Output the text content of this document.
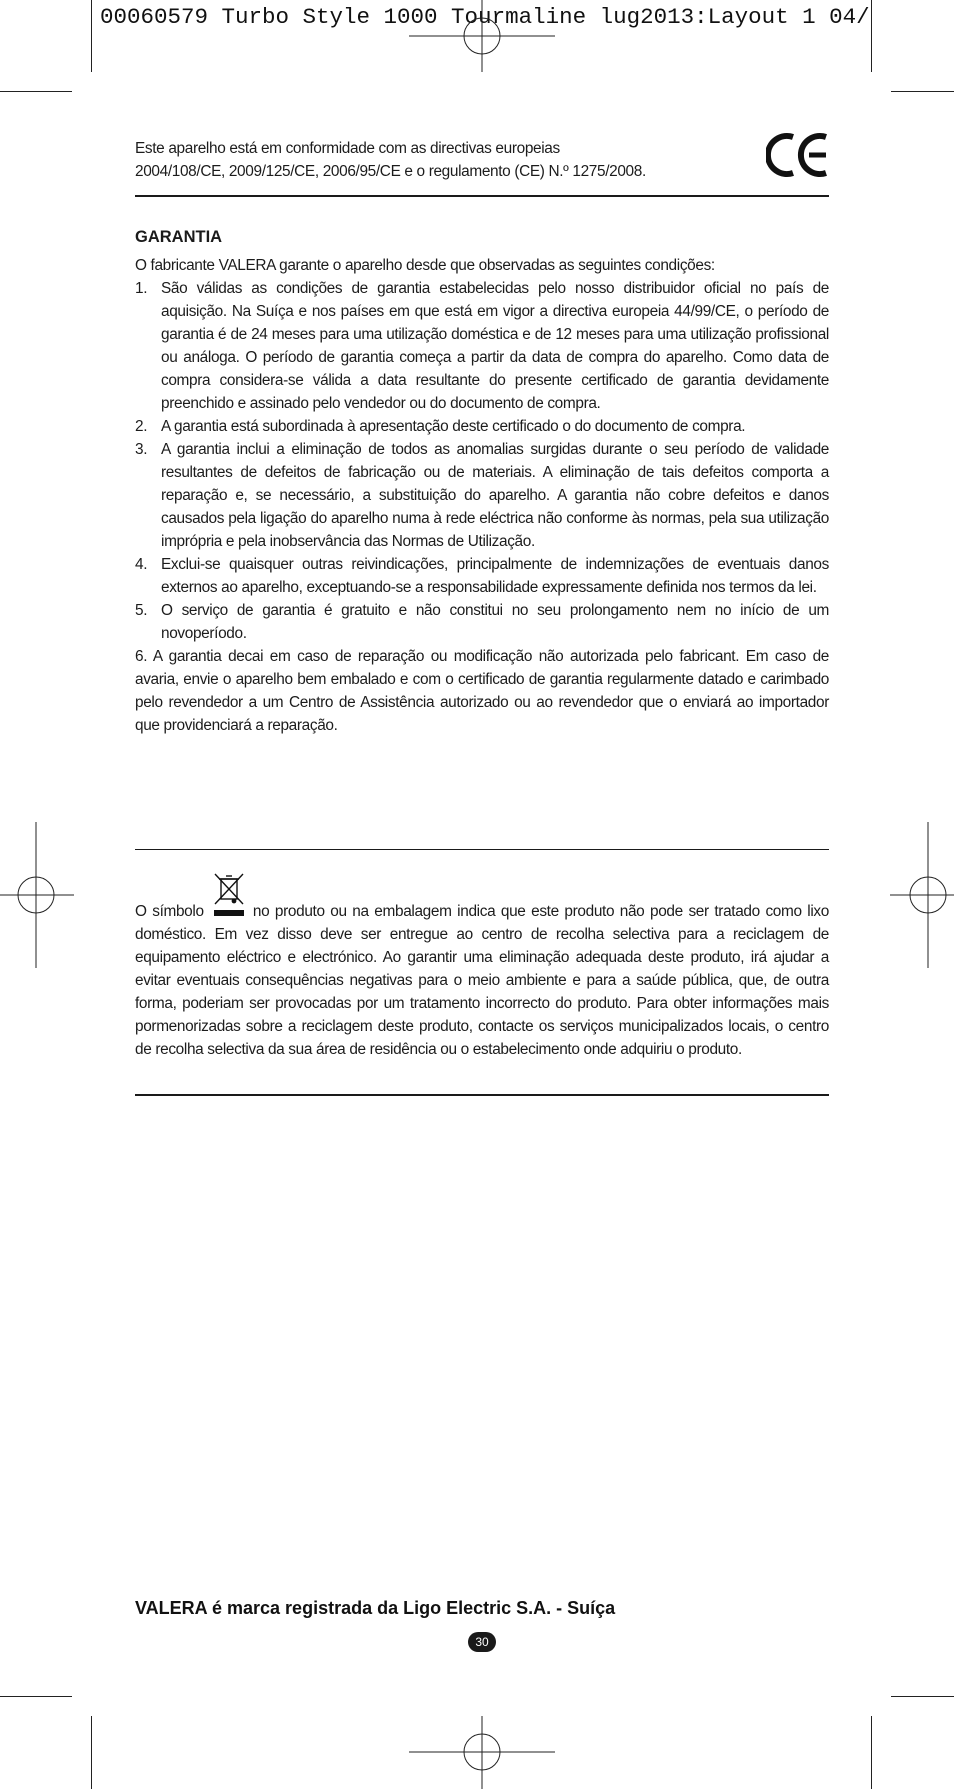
00060579 Turbo Style 1000 Tourmaline lug2013:Layout 1 04/
Este aparelho está em conformidade com as directivas europeias
2004/108/CE, 2009/125/CE, 2006/95/CE e o regulamento (CE) N.º 1275/2008.
GARANTIA

O fabricante VALERA garante o aparelho desde que observadas as seguintes condições:

1. São válidas as condições de garantia estabelecidas pelo nosso distribuidor oficial no país de aquisição. Na Suíça e nos países em que está em vigor a directiva europeia 44/99/CE, o período de garantia é de 24 meses para uma utilização doméstica e de 12 meses para uma utilização profissional ou análoga. O período de garantia começa a partir da data de compra do aparelho. Como data de compra considera-se válida a data resultante do presente certificado de garantia devidamente preenchido e assinado pelo vendedor ou do documento de compra.
2. A garantia está subordinada à apresentação deste certificado o do documento de compra.
3. A garantia inclui a eliminação de todos as anomalias surgidas durante o seu período de validade resultantes de defeitos de fabricação ou de materiais. A eliminação de tais defeitos comporta a reparação e, se necessário, a substituição do aparelho. A garantia não cobre defeitos e danos causados pela ligação do aparelho numa à rede eléctrica não conforme às normas, pela sua utilização imprópria e pela inobservância das Normas de Utilização.
4. Exclui-se quaisquer outras reivindicações, principalmente de indemnizações de eventuais danos externos ao aparelho, exceptuando-se a responsabilidade expressamente definida nos termos da lei.
5. O serviço de garantia é gratuito e não constitui no seu prolongamento nem no início de um novoperíodo.

6. A garantia decai em caso de reparação ou modificação não autorizada pelo fabricant. Em caso de avaria, envie o aparelho bem embalado e com o certificado de garantia regularmente datado e carimbado pelo revendedor a um Centro de Assistência autorizado ou ao revendedor que o enviará ao importador que providenciará a reparação.

O símbolo	no produto ou na embalagem indica que este produto não pode ser tratado como lixo doméstico. Em vez disso deve ser entregue ao centro de recolha selectiva para a reciclagem de equipamento eléctrico e electrónico. Ao garantir uma eliminação adequada deste produto, irá ajudar a evitar eventuais consequências negativas para o meio ambiente e para a saúde pública, que, de outra forma, poderiam ser provocadas por um tratamento incorrecto do produto. Para obter informações mais pormenorizadas sobre a reciclagem deste produto, contacte os serviços municipalizados locais, o centro de recolha selectiva da sua área de residência ou o estabelecimento onde adquiriu o produto.
VALERA é marca registrada da Ligo Electric S.A. - Suíça
30
